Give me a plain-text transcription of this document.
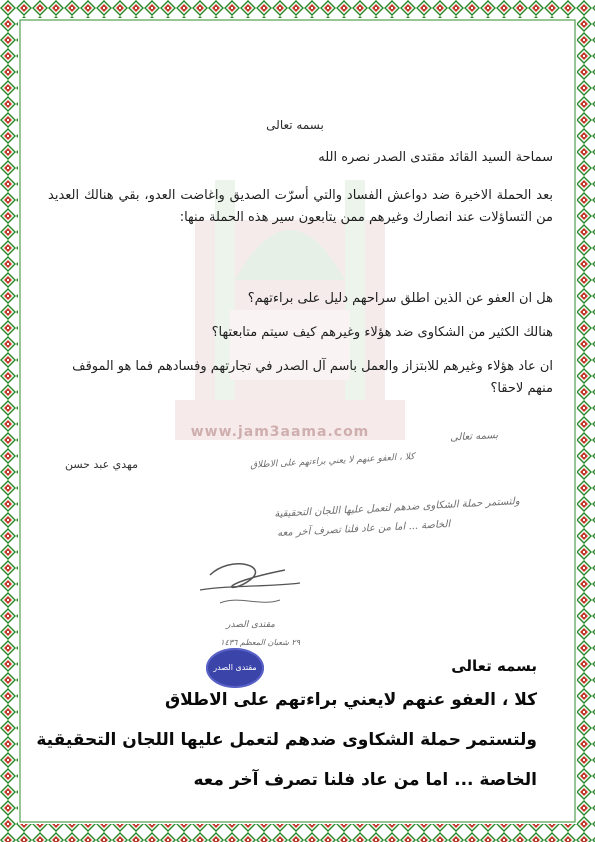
www.jam3aama.com
بسمه تعالى
سماحة السيد القائد مقتدى الصدر نصره الله
بعد الحملة الاخيرة ضد دواعش الفساد والتي أسرّت الصديق واغاضت العدو، بقي هنالك العديد من التساؤلات عند انصارك وغيرهم ممن يتابعون سير هذه الحملة منها:
هل ان العفو عن الذين اطلق سراحهم دليل على براءتهم؟
هنالك الكثير من الشكاوى ضد هؤلاء وغيرهم كيف سيتم متابعتها؟
ان عاد هؤلاء وغيرهم للابتزاز والعمل باسم آل الصدر في تجارتهم وفسادهم فما هو الموقف منهم لاحقا؟
مهدي عبد حسن
بسمه تعالى
كلا ، العفو عنهم لا يعني براءتهم على الاطلاق
ولتستمر حملة الشكاوى ضدهم لتعمل عليها اللجان التحقيقية
الخاصة ... اما من عاد فلنا تصرف آخر معه
مقتدى الصدر
٢٩ شعبان المعظم ١٤٣٦
مقتدى الصدر	بسمه تعالى
كلا ، العفو عنهم لايعني براءتهم على الاطلاق
ولتستمر حملة الشكاوى ضدهم لتعمل عليها اللجان التحقيقية
الخاصة ... اما من عاد فلنا تصرف آخر معه
